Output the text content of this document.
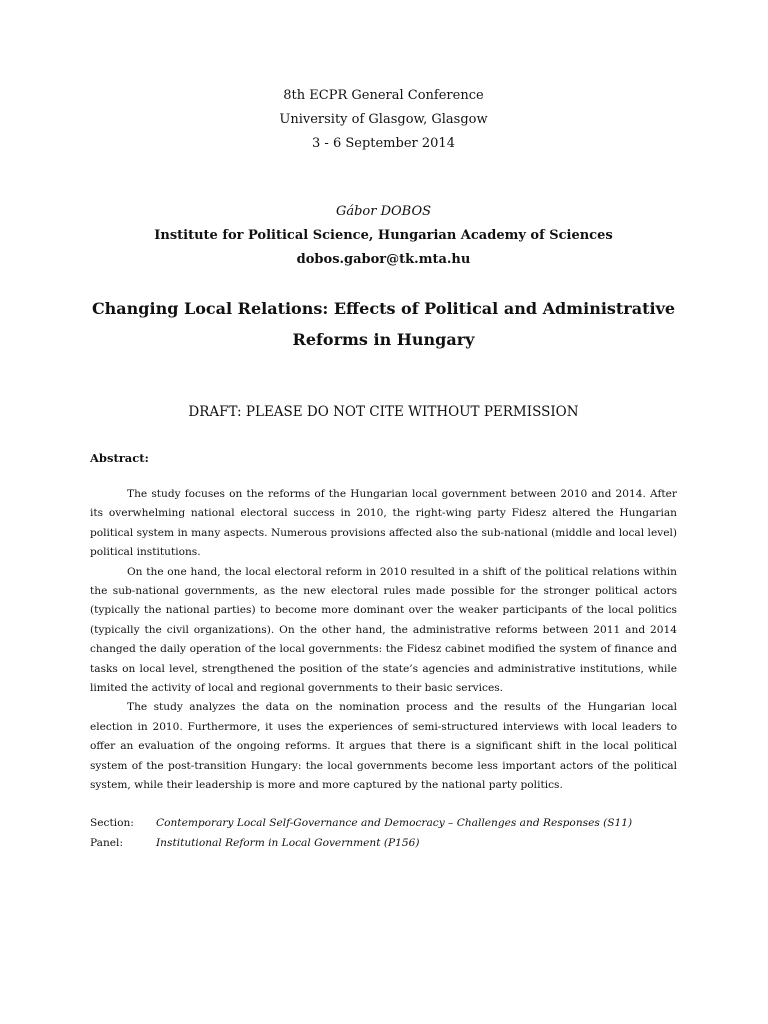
8th ECPR General Conference
University of Glasgow, Glasgow
3 - 6 September 2014
Gábor DOBOS
Institute for Political Science, Hungarian Academy of Sciences
dobos.gabor@tk.mta.hu
Changing Local Relations: Effects of Political and Administrative
Reforms in Hungary
DRAFT: PLEASE DO NOT CITE WITHOUT PERMISSION
Abstract:

The study focuses on the reforms of the Hungarian local government between 2010 and 2014. After its overwhelming national electoral success in 2010, the right-wing party Fidesz altered the Hungarian political system in many aspects. Numerous provisions affected also the sub-national (middle and local level) political institutions.

On the one hand, the local electoral reform in 2010 resulted in a shift of the political relations within the sub-national governments, as the new electoral rules made possible for the stronger political actors (typically the national parties) to become more dominant over the weaker participants of the local politics (typically the civil organizations). On the other hand, the administrative reforms between 2011 and 2014 changed the daily operation of the local governments: the Fidesz cabinet modified the system of finance and tasks on local level, strengthened the position of the state’s agencies and administrative institutions, while limited the activity of local and regional governments to their basic services.

The study analyzes the data on the nomination process and the results of the Hungarian local election in 2010. Furthermore, it uses the experiences of semi-structured interviews with local leaders to offer an evaluation of the ongoing reforms. It argues that there is a significant shift in the local political system of the post-transition Hungary: the local governments become less important actors of the political system, while their leadership is more and more captured by the national party politics.

Section:	Contemporary Local Self-Governance and Democracy – Challenges and Responses (S11)
Panel:	Institutional Reform in Local Government (P156)
